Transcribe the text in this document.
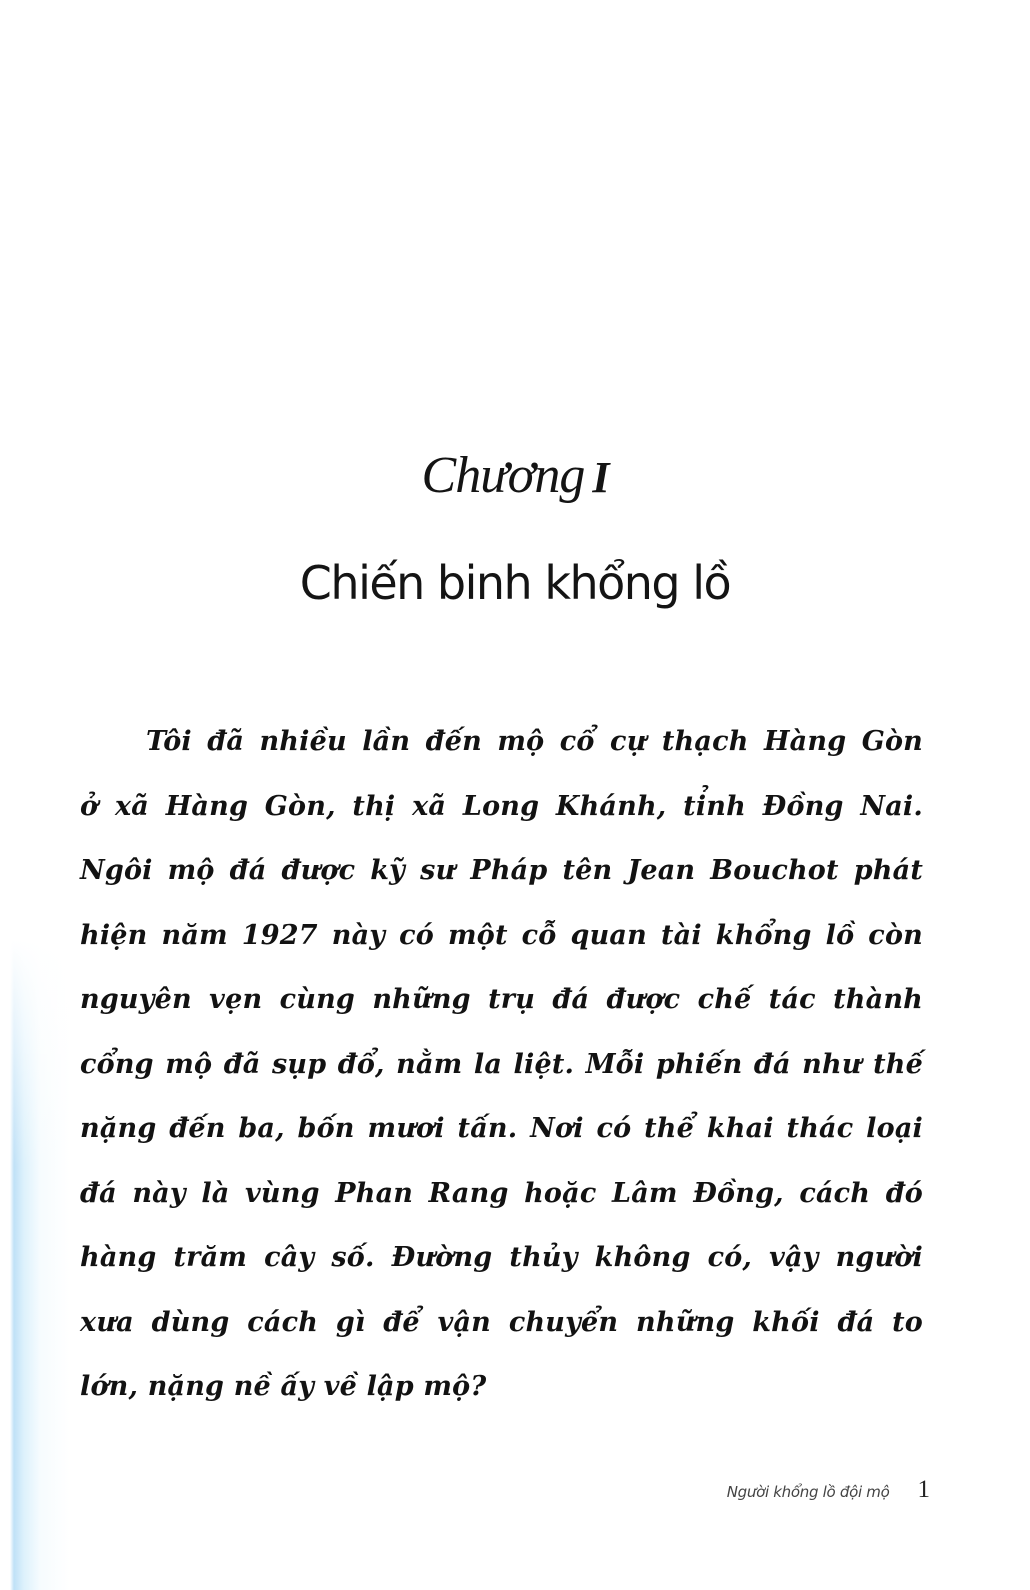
Chương I
Chiến binh khổng lồ
Tôi đã nhiều lần đến mộ cổ cự thạch Hàng Gòn
ở xã Hàng Gòn, thị xã Long Khánh, tỉnh Đồng Nai.
Ngôi mộ đá được kỹ sư Pháp tên Jean Bouchot phát
hiện năm 1927 này có một cỗ quan tài khổng lồ còn
nguyên vẹn cùng những trụ đá được chế tác thành
cổng mộ đã sụp đổ, nằm la liệt. Mỗi phiến đá như thế
nặng đến ba, bốn mươi tấn. Nơi có thể khai thác loại
đá này là vùng Phan Rang hoặc Lâm Đồng, cách đó
hàng trăm cây số. Đường thủy không có, vậy người
xưa dùng cách gì để vận chuyển những khối đá to
lớn, nặng nề ấy về lập mộ?
Người khổng lồ đội mộ 1
